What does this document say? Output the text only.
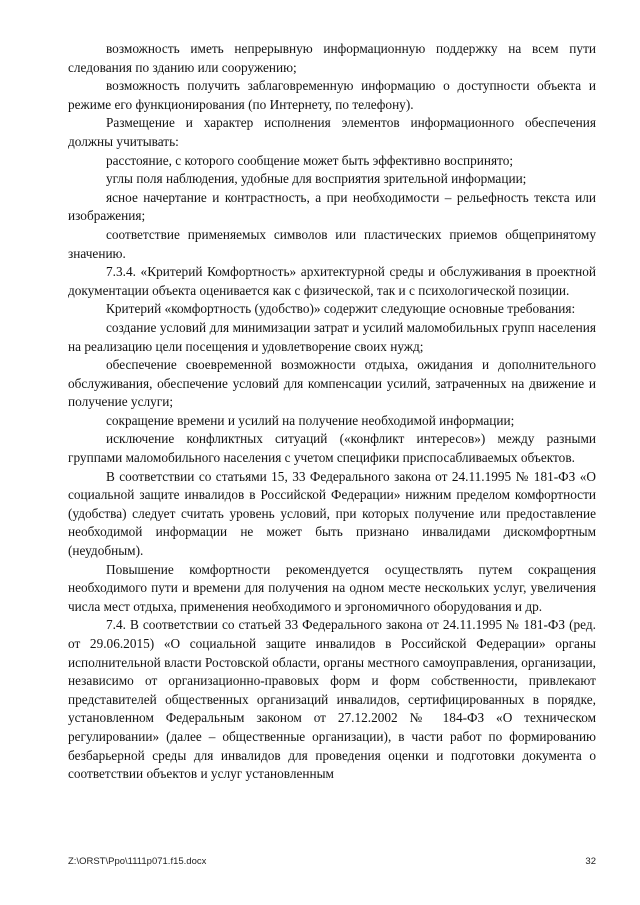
возможность иметь непрерывную информационную поддержку на всем пути следования по зданию или сооружению;

возможность получить заблаговременную информацию о доступности объекта и режиме его функционирования (по Интернету, по телефону).

Размещение и характер исполнения элементов информационного обеспечения должны учитывать:

расстояние, с которого сообщение может быть эффективно воспринято;

углы поля наблюдения, удобные для восприятия зрительной информации;

ясное начертание и контрастность, а при необходимости – рельефность текста или изображения;

соответствие применяемых символов или пластических приемов общепринятому значению.

7.3.4. «Критерий Комфортность» архитектурной среды и обслуживания в проектной документации объекта оценивается как с физической, так и с психологической позиции.

Критерий «комфортность (удобство)» содержит следующие основные требования:

создание условий для минимизации затрат и усилий маломобильных групп населения на реализацию цели посещения и удовлетворение своих нужд;

обеспечение своевременной возможности отдыха, ожидания и дополнительного обслуживания, обеспечение условий для компенсации усилий, затраченных на движение и получение услуги;

сокращение времени и усилий на получение необходимой информации;

исключение конфликтных ситуаций («конфликт интересов») между разными группами маломобильного населения с учетом специфики приспосабливаемых объектов.

В соответствии со статьями 15, 33 Федерального закона от 24.11.1995 № 181-ФЗ «О социальной защите инвалидов в Российской Федерации» нижним пределом комфортности (удобства) следует считать уровень условий, при которых получение или предоставление необходимой информации не может быть признано инвалидами дискомфортным (неудобным).

Повышение комфортности рекомендуется осуществлять путем сокращения необходимого пути и времени для получения на одном месте нескольких услуг, увеличения числа мест отдыха, применения необходимого и эргономичного оборудования и др.

7.4. В соответствии со статьей 33 Федерального закона от 24.11.1995 № 181-ФЗ (ред. от 29.06.2015) «О социальной защите инвалидов в Российской Федерации» органы исполнительной власти Ростовской области, органы местного самоуправления, организации, независимо от организационно-правовых форм и форм собственности, привлекают представителей общественных организаций инвалидов, сертифицированных в порядке, установленном Федеральным законом от 27.12.2002 № 184-ФЗ «О техническом регулировании» (далее – общественные организации), в части работ по формированию безбарьерной среды для инвалидов для проведения оценки и подготовки документа о соответствии объектов и услуг установленным

Z:\ORST\Ppo\1111p071.f15.docx	32
